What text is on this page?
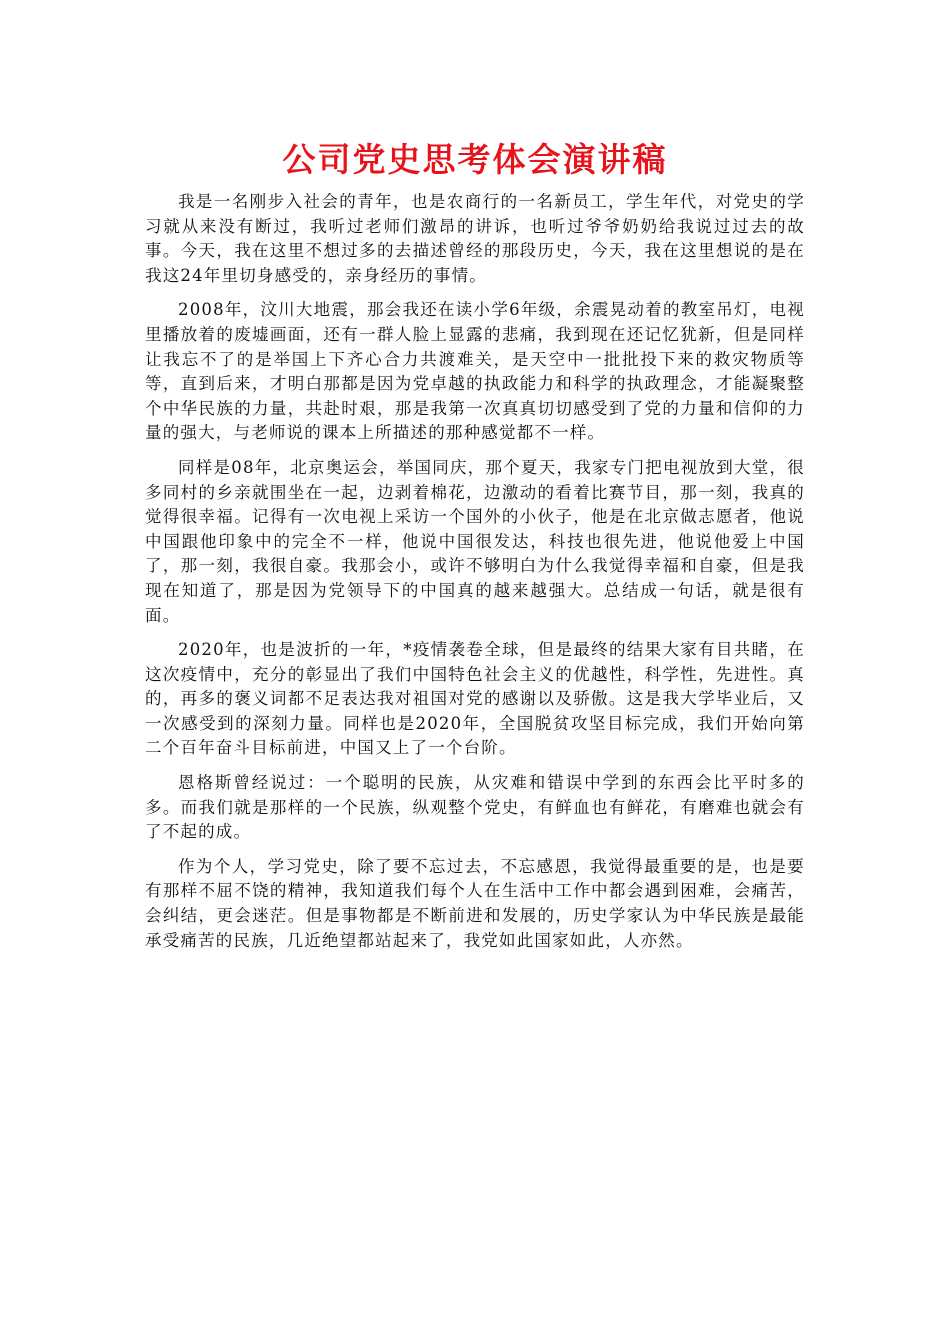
公司党史思考体会演讲稿

我是一名刚步入社会的青年，也是农商行的一名新员工，学生年代，对党史的学习就从来没有断过，我听过老师们激昂的讲诉，也听过爷爷奶奶给我说过过去的故事。今天，我在这里不想过多的去描述曾经的那段历史，今天，我在这里想说的是在我这24年里切身感受的，亲身经历的事情。

2008年，汶川大地震，那会我还在读小学6年级，余震晃动着的教室吊灯，电视里播放着的废墟画面，还有一群人脸上显露的悲痛，我到现在还记忆犹新，但是同样让我忘不了的是举国上下齐心合力共渡难关，是天空中一批批投下来的救灾物质等等，直到后来，才明白那都是因为党卓越的执政能力和科学的执政理念，才能凝聚整个中华民族的力量，共赴时艰，那是我第一次真真切切感受到了党的力量和信仰的力量的强大，与老师说的课本上所描述的那种感觉都不一样。

同样是08年，北京奥运会，举国同庆，那个夏天，我家专门把电视放到大堂，很多同村的乡亲就围坐在一起，边剥着棉花，边激动的看着比赛节目，那一刻，我真的觉得很幸福。记得有一次电视上采访一个国外的小伙子，他是在北京做志愿者，他说中国跟他印象中的完全不一样，他说中国很发达，科技也很先进，他说他爱上中国了，那一刻，我很自豪。我那会小，或许不够明白为什么我觉得幸福和自豪，但是我现在知道了，那是因为党领导下的中国真的越来越强大。总结成一句话，就是很有面。

2020年，也是波折的一年，*疫情袭卷全球，但是最终的结果大家有目共睹，在这次疫情中，充分的彰显出了我们中国特色社会主义的优越性，科学性，先进性。真的，再多的褒义词都不足表达我对祖国对党的感谢以及骄傲。这是我大学毕业后，又一次感受到的深刻力量。同样也是2020年，全国脱贫攻坚目标完成，我们开始向第二个百年奋斗目标前进，中国又上了一个台阶。

恩格斯曾经说过：一个聪明的民族，从灾难和错误中学到的东西会比平时多的多。而我们就是那样的一个民族，纵观整个党史，有鲜血也有鲜花，有磨难也就会有了不起的成。

作为个人，学习党史，除了要不忘过去，不忘感恩，我觉得最重要的是，也是要有那样不屈不饶的精神，我知道我们每个人在生活中工作中都会遇到困难，会痛苦，会纠结，更会迷茫。但是事物都是不断前进和发展的，历史学家认为中华民族是最能承受痛苦的民族，几近绝望都站起来了，我党如此国家如此，人亦然。
